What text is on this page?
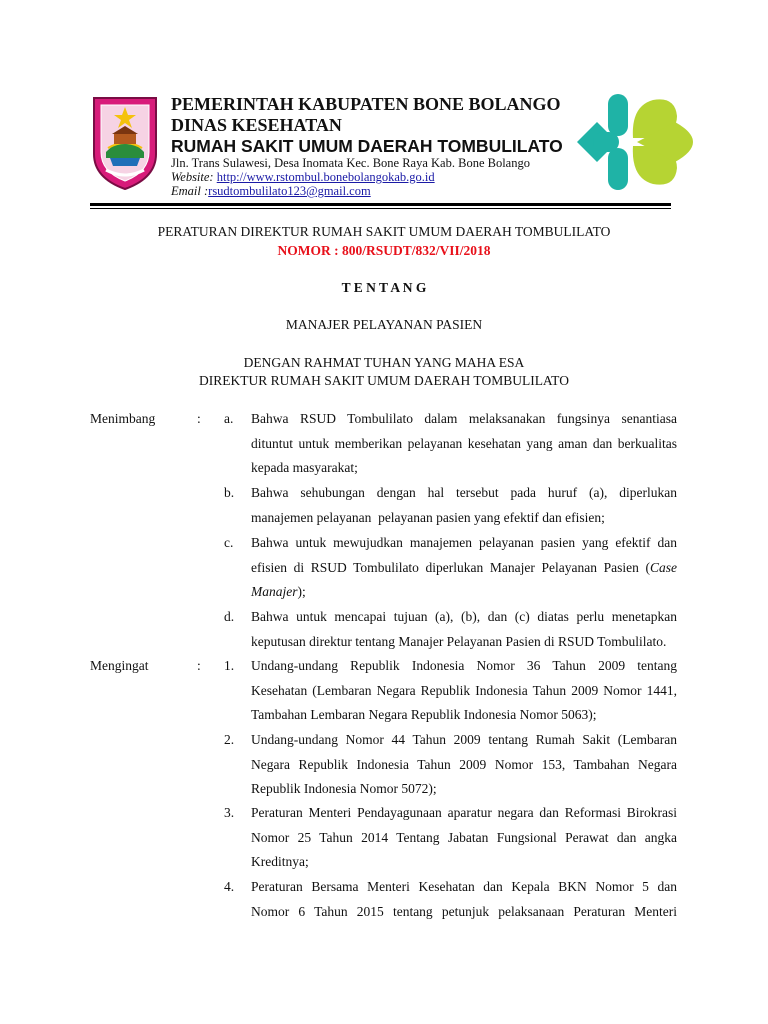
PEMERINTAH KABUPATEN BONE BOLANGO
DINAS KESEHATAN
RUMAH SAKIT UMUM DAERAH TOMBULILATO
Jln. Trans Sulawesi, Desa Inomata Kec. Bone Raya Kab. Bone Bolango
Website: http://www.rstombul.bonebolangokab.go.id
Email :rsudtombulilato123@gmail.com
PERATURAN DIREKTUR RUMAH SAKIT UMUM DAERAH TOMBULILATO
NOMOR : 800/RSUDT/832/VII/2018
T E N T A N G
MANAJER PELAYANAN PASIEN
DENGAN RAHMAT TUHAN YANG MAHA ESA
DIREKTUR RUMAH SAKIT UMUM DAERAH TOMBULILATO
Menimbang	: a. Bahwa RSUD Tombulilato dalam melaksanakan fungsinya senantiasa
dituntut untuk memberikan pelayanan kesehatan yang aman dan berkualitas
kepada masyarakat;
b. Bahwa sehubungan dengan hal tersebut pada huruf (a), diperlukan
manajemen pelayanan  pelayanan pasien yang efektif dan efisien;
c. Bahwa untuk mewujudkan manajemen pelayanan pasien yang efektif dan
efisien di RSUD Tombulilato diperlukan Manajer Pelayanan Pasien (Case
Manajer);
d. Bahwa untuk mencapai tujuan (a), (b), dan (c) diatas perlu menetapkan
keputusan direktur tentang Manajer Pelayanan Pasien di RSUD Tombulilato.
Mengingat	: 1. Undang-undang Republik Indonesia Nomor 36 Tahun 2009 tentang
Kesehatan (Lembaran Negara Republik Indonesia Tahun 2009 Nomor 1441,
Tambahan Lembaran Negara Republik Indonesia Nomor 5063);
2. Undang-undang Nomor 44 Tahun 2009 tentang Rumah Sakit (Lembaran
Negara Republik Indonesia Tahun 2009 Nomor 153, Tambahan Negara
Republik Indonesia Nomor 5072);
3. Peraturan Menteri Pendayagunaan aparatur negara dan Reformasi Birokrasi
Nomor 25 Tahun 2014 Tentang Jabatan Fungsional Perawat dan angka
Kreditnya;
4. Peraturan Bersama Menteri Kesehatan dan Kepala BKN Nomor 5 dan
Nomor 6 Tahun 2015 tentang petunjuk pelaksanaan Peraturan Menteri
